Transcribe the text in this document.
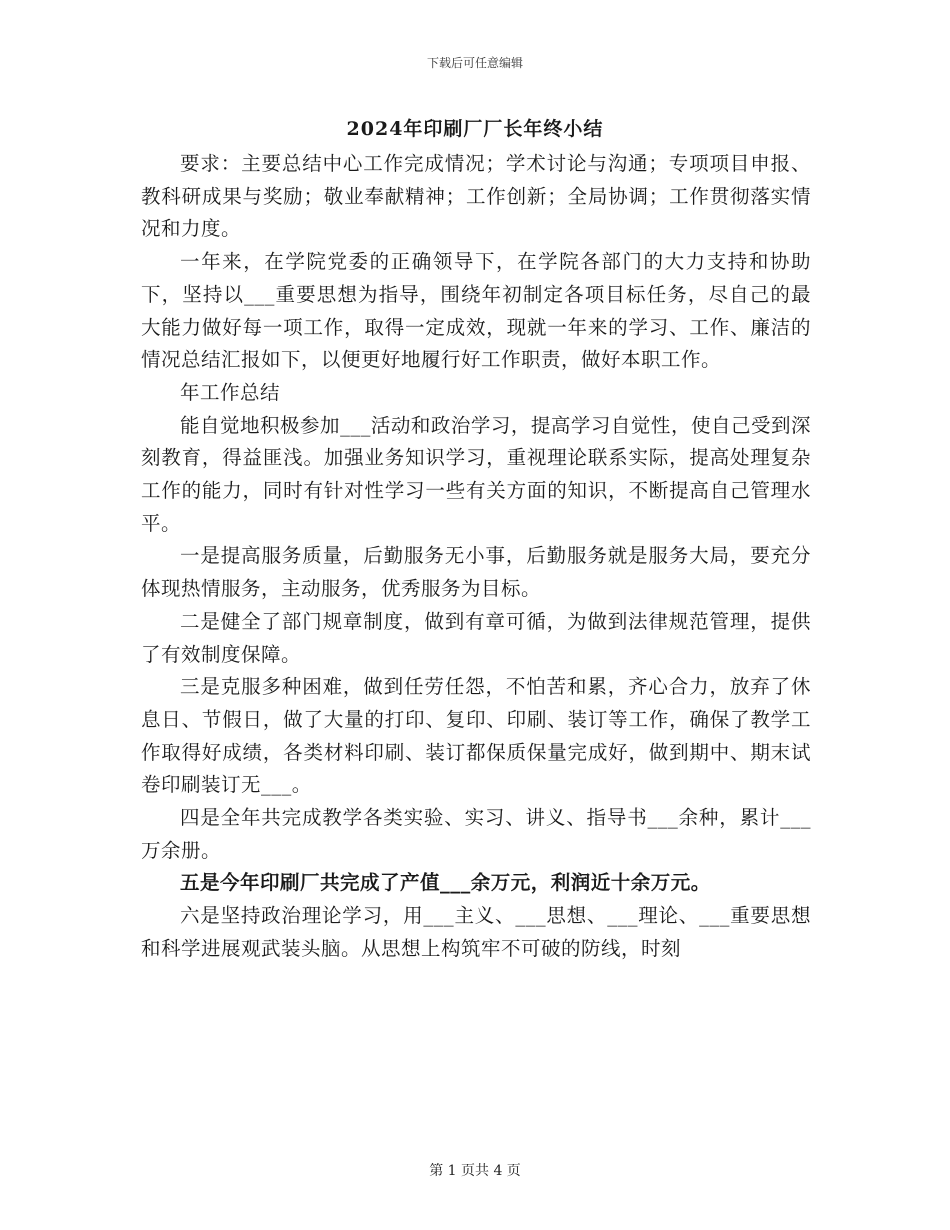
下载后可任意编辑
2024年印刷厂厂长年终小结

要求：主要总结中心工作完成情况；学术讨论与沟通；专项项目申报、教科研成果与奖励；敬业奉献精神；工作创新；全局协调；工作贯彻落实情况和力度。

一年来，在学院党委的正确领导下，在学院各部门的大力支持和协助下，坚持以___重要思想为指导，围绕年初制定各项目标任务，尽自己的最大能力做好每一项工作，取得一定成效，现就一年来的学习、工作、廉洁的情况总结汇报如下，以便更好地履行好工作职责，做好本职工作。

年工作总结

能自觉地积极参加___活动和政治学习，提高学习自觉性，使自己受到深刻教育，得益匪浅。加强业务知识学习，重视理论联系实际，提高处理复杂工作的能力，同时有针对性学习一些有关方面的知识，不断提高自己管理水平。

一是提高服务质量，后勤服务无小事，后勤服务就是服务大局，要充分体现热情服务，主动服务，优秀服务为目标。

二是健全了部门规章制度，做到有章可循，为做到法律规范管理，提供了有效制度保障。

三是克服多种困难，做到任劳任怨，不怕苦和累，齐心合力，放弃了休息日、节假日，做了大量的打印、复印、印刷、装订等工作，确保了教学工作取得好成绩，各类材料印刷、装订都保质保量完成好，做到期中、期末试卷印刷装订无___。

四是全年共完成教学各类实验、实习、讲义、指导书___余种，累计___万余册。

五是今年印刷厂共完成了产值___余万元，利润近十余万元。

六是坚持政治理论学习，用___主义、___思想、___理论、___重要思想和科学进展观武装头脑。从思想上构筑牢不可破的防线，时刻

第 1 页共 4 页
